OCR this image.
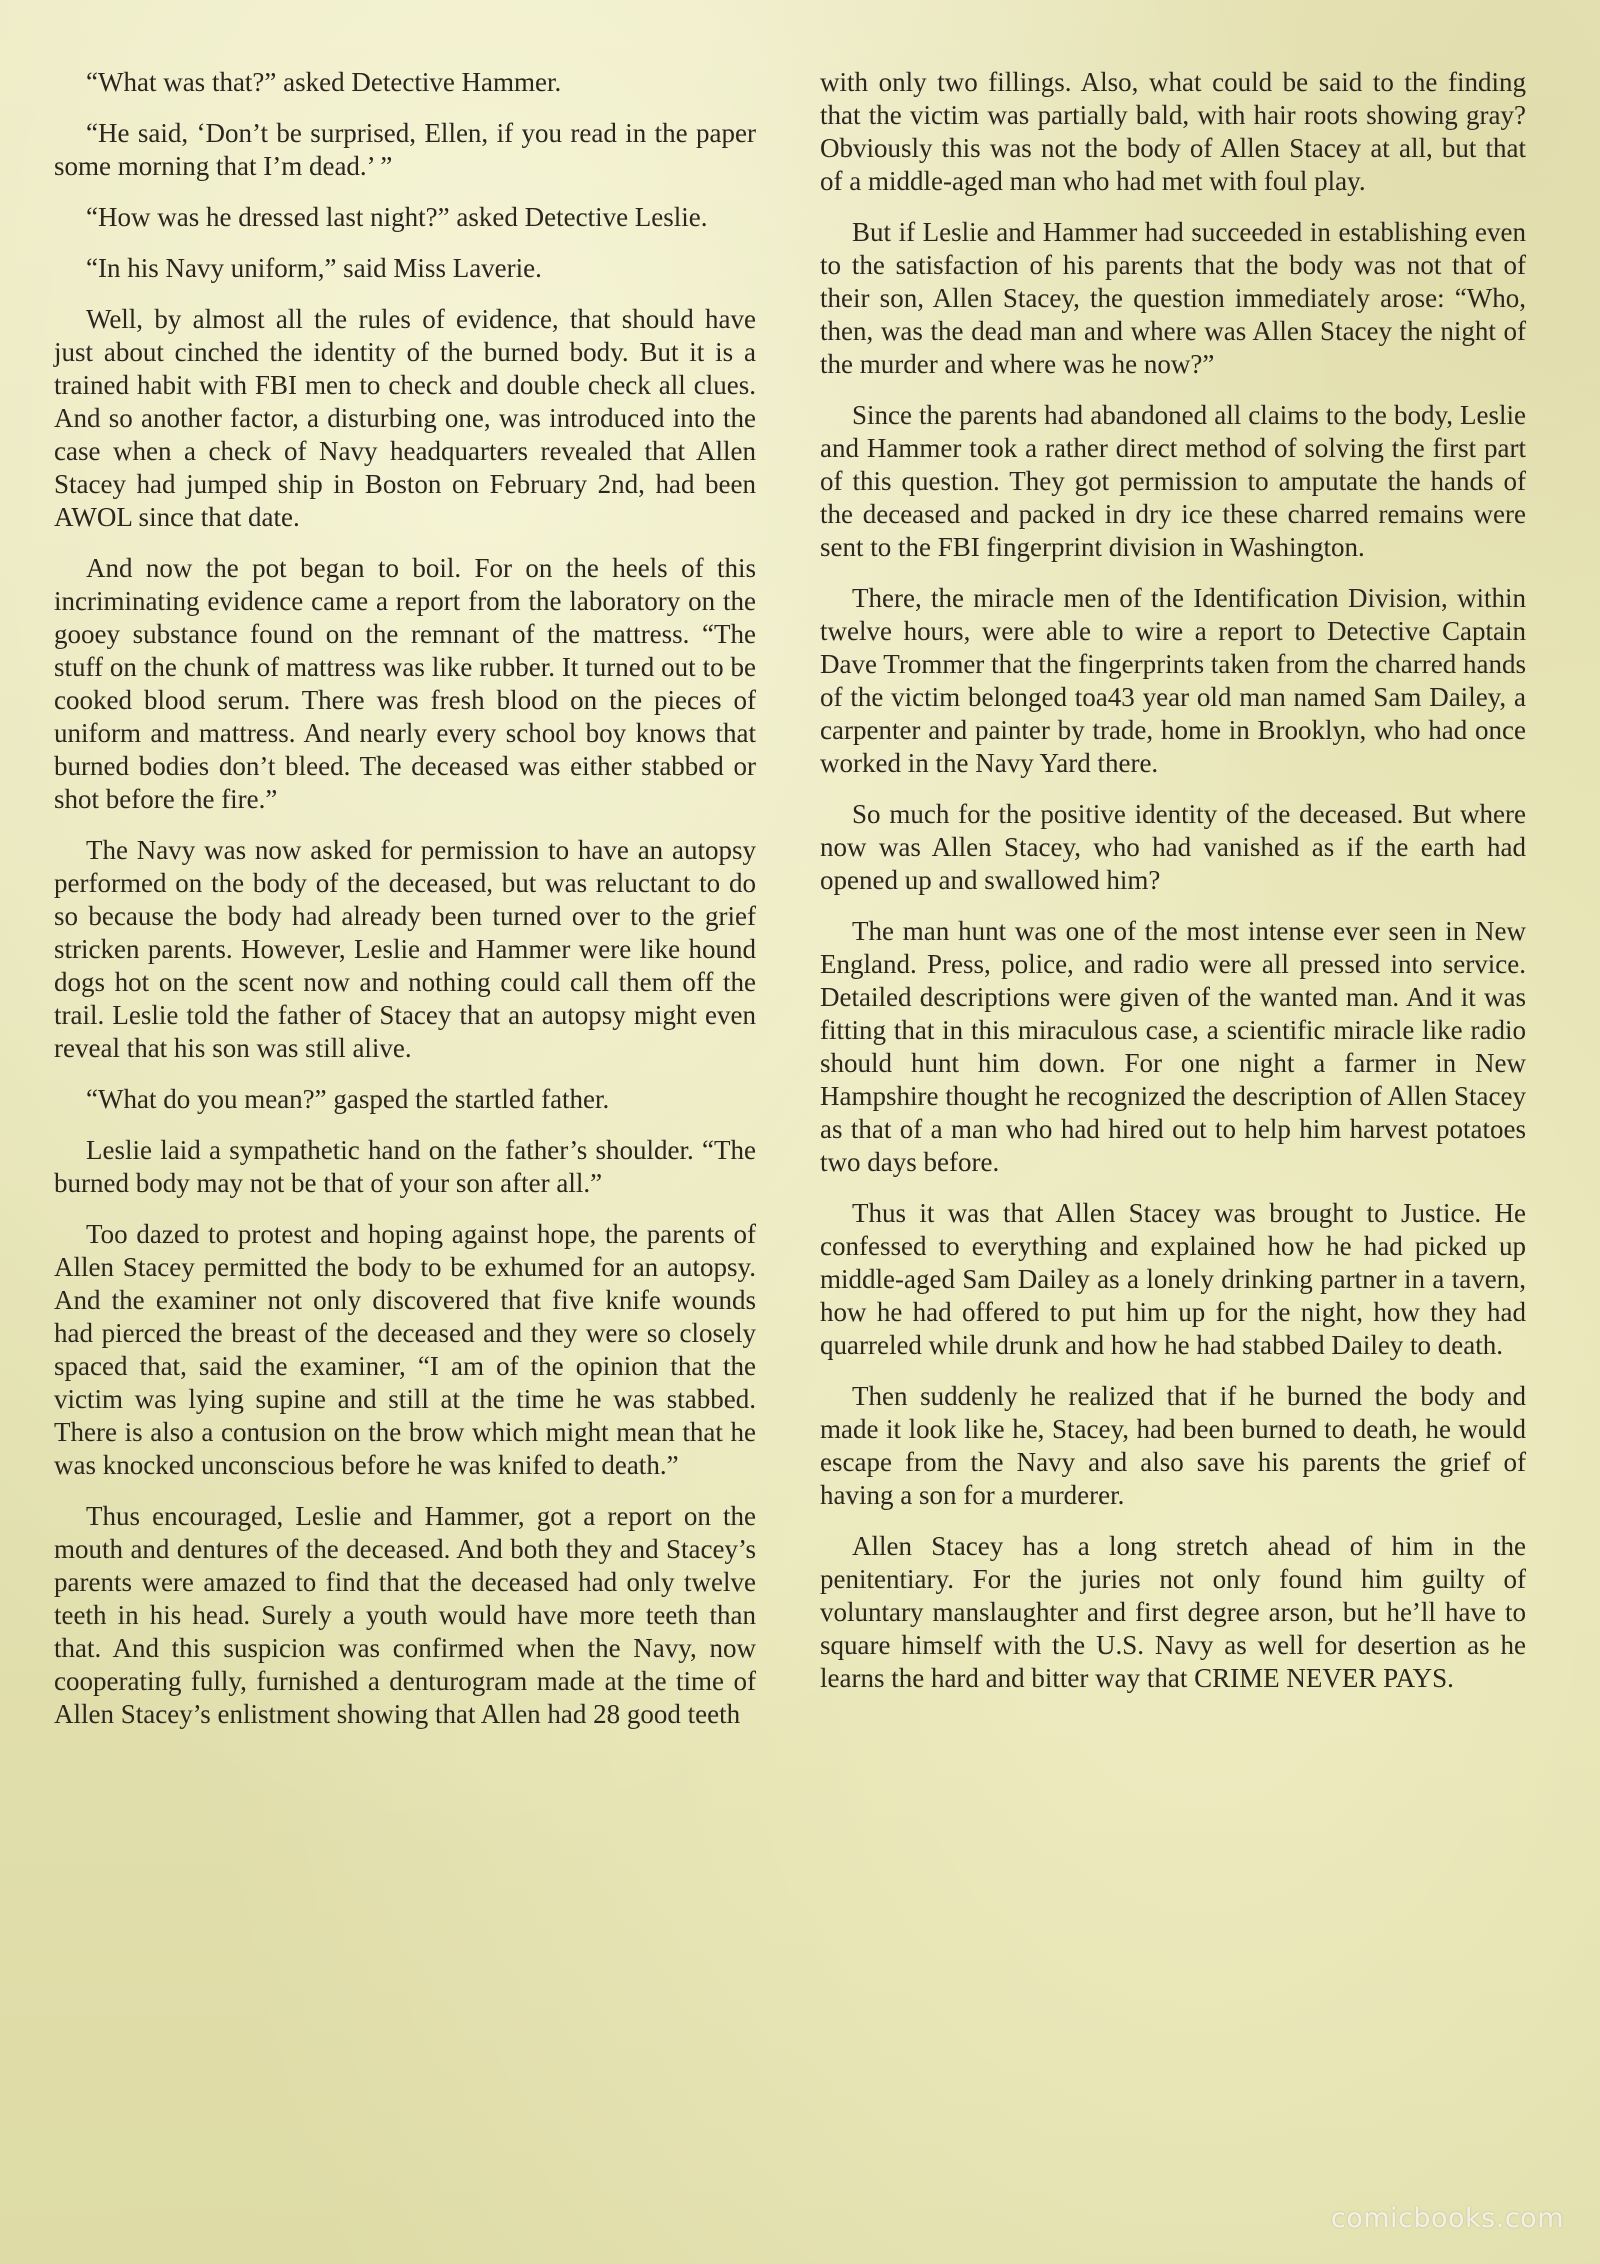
“What was that?” asked Detective Hammer.

“He said, ‘Don’t be surprised, Ellen, if you read in the paper some morning that I’m dead.’ ”

“How was he dressed last night?” asked Detective Leslie.

“In his Navy uniform,” said Miss Laverie.

Well, by almost all the rules of evidence, that should have just about cinched the identity of the burned body. But it is a trained habit with FBI men to check and double check all clues. And so another factor, a disturbing one, was introduced into the case when a check of Navy headquarters revealed that Allen Stacey had jumped ship in Boston on February 2nd, had been AWOL since that date.

And now the pot began to boil. For on the heels of this incriminating evidence came a report from the laboratory on the gooey substance found on the remnant of the mattress. “The stuff on the chunk of mattress was like rubber. It turned out to be cooked blood serum. There was fresh blood on the pieces of uniform and mattress. And nearly every school boy knows that burned bodies don’t bleed. The deceased was either stabbed or shot before the fire.”

The Navy was now asked for permission to have an autopsy performed on the body of the deceased, but was reluctant to do so because the body had already been turned over to the grief stricken parents. However, Leslie and Hammer were like hound dogs hot on the scent now and nothing could call them off the trail. Leslie told the father of Stacey that an autopsy might even reveal that his son was still alive.

“What do you mean?” gasped the startled father.

Leslie laid a sympathetic hand on the father’s shoulder. “The burned body may not be that of your son after all.”

Too dazed to protest and hoping against hope, the parents of Allen Stacey permitted the body to be exhumed for an autopsy. And the examiner not only discovered that five knife wounds had pierced the breast of the deceased and they were so closely spaced that, said the examiner, “I am of the opinion that the victim was lying supine and still at the time he was stabbed. There is also a contusion on the brow which might mean that he was knocked unconscious before he was knifed to death.”

Thus encouraged, Leslie and Hammer, got a report on the mouth and dentures of the deceased. And both they and Stacey’s parents were amazed to find that the deceased had only twelve teeth in his head. Surely a youth would have more teeth than that. And this suspicion was confirmed when the Navy, now cooperating fully, furnished a denturogram made at the time of Allen Stacey’s enlistment showing that Allen had 28 good teeth

with only two fillings. Also, what could be said to the finding that the victim was partially bald, with hair roots showing gray? Obviously this was not the body of Allen Stacey at all, but that of a middle-aged man who had met with foul play.

But if Leslie and Hammer had succeeded in establishing even to the satisfaction of his parents that the body was not that of their son, Allen Stacey, the question immediately arose: “Who, then, was the dead man and where was Allen Stacey the night of the murder and where was he now?”

Since the parents had abandoned all claims to the body, Leslie and Hammer took a rather direct method of solving the first part of this question. They got permission to amputate the hands of the deceased and packed in dry ice these charred remains were sent to the FBI fingerprint division in Washington.

There, the miracle men of the Identification Division, within twelve hours, were able to wire a report to Detective Captain Dave Trommer that the fingerprints taken from the charred hands of the victim belonged toa43 year old man named Sam Dailey, a carpenter and painter by trade, home in Brooklyn, who had once worked in the Navy Yard there.

So much for the positive identity of the deceased. But where now was Allen Stacey, who had vanished as if the earth had opened up and swallowed him?

The man hunt was one of the most intense ever seen in New England. Press, police, and radio were all pressed into service. Detailed descriptions were given of the wanted man. And it was fitting that in this miraculous case, a scientific miracle like radio should hunt him down. For one night a farmer in New Hampshire thought he recognized the description of Allen Stacey as that of a man who had hired out to help him harvest potatoes two days before.

Thus it was that Allen Stacey was brought to Justice. He confessed to everything and explained how he had picked up middle-aged Sam Dailey as a lonely drinking partner in a tavern, how he had offered to put him up for the night, how they had quarreled while drunk and how he had stabbed Dailey to death.

Then suddenly he realized that if he burned the body and made it look like he, Stacey, had been burned to death, he would escape from the Navy and also save his parents the grief of having a son for a murderer.

Allen Stacey has a long stretch ahead of him in the penitentiary. For the juries not only found him guilty of voluntary manslaughter and first degree arson, but he’ll have to square himself with the U.S. Navy as well for desertion as he learns the hard and bitter way that CRIME NEVER PAYS.

comicbooks.com
